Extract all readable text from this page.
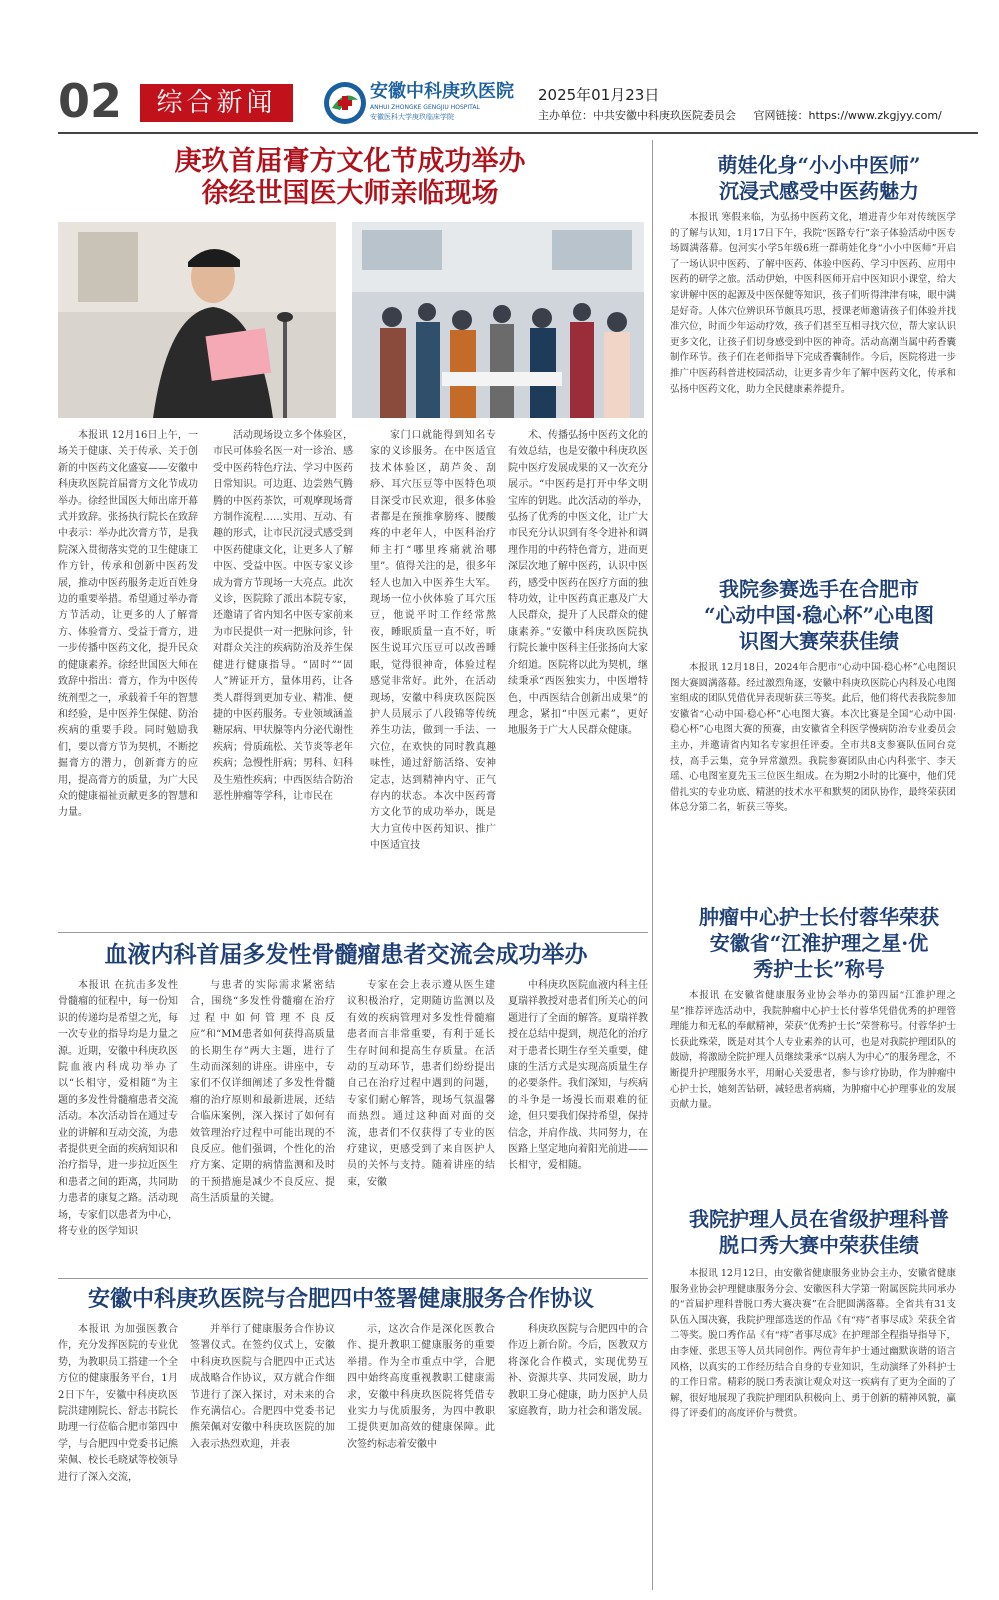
02	综合新闻	安徽中科庚玖医院
ANHUI ZHONGKE GENGJIU HOSPITAL
安徽医科大学庚玖临床学院
2025年01月23日
主办单位：中共安徽中科庚玖医院委员会 官网链接：https://www.zkgjyy.com/
庚玖首届膏方文化节成功举办
徐经世国医大师亲临现场

本报讯 12月16日上午，一场关于健康、关于传承、关于创新的中医药文化盛宴——安徽中科庚玖医院首届膏方文化节成功举办。徐经世国医大师出席开幕式并致辞。张扬执行院长在致辞中表示：举办此次膏方节，是我院深入贯彻落实党的卫生健康工作方针，传承和创新中医药发展，推动中医药服务走近百姓身边的重要举措。希望通过举办膏方节活动，让更多的人了解膏方、体验膏方、受益于膏方，进一步传播中医药文化，提升民众的健康素养。徐经世国医大师在致辞中指出：膏方，作为中医传统剂型之一，承载着千年的智慧和经验，是中医养生保健、防治疾病的重要手段。同时勉励我们，要以膏方节为契机，不断挖掘膏方的潜力，创新膏方的应用，提高膏方的质量，为广大民众的健康福祉贡献更多的智慧和力量。

活动现场设立多个体验区，市民可体验名医一对一诊治、感受中医药特色疗法、学习中医药日常知识。可边逛、边尝熟气腾腾的中医药茶饮，可观摩现场膏方制作流程……实用、互动、有趣的形式，让市民沉浸式感受到中医药健康文化，让更多人了解中医、受益中医。中医专家义诊成为膏方节现场一大亮点。此次义诊，医院除了派出本院专家，还邀请了省内知名中医专家前来为市民提供一对一把脉问诊，针对群众关注的疾病防治及养生保健进行健康指导。“固时”“固人”辨证开方，量体用药，让各类人群得到更加专业、精准、便捷的中医药服务。专业领域涵盖糖尿病、甲状腺等内分泌代谢性疾病；骨质疏松、关节炎等老年疾病；急慢性肝病；男科、妇科及生殖性疾病；中西医结合防治恶性肿瘤等学科，让市民在

家门口就能得到知名专家的义诊服务。在中医适宜技术体验区，葫芦灸、刮痧、耳穴压豆等中医特色项目深受市民欢迎，很多体验者都是在预推拿膀疼、腰酸疼的中老年人，中医科治疗师主打“哪里疼痛就治哪里”。值得关注的是，很多年轻人也加入中医养生大军。现场一位小伙体验了耳穴压豆，他说平时工作经常熬夜，睡眠质量一直不好，听医生说耳穴压豆可以改善睡眠，觉得很神奇，体验过程感觉非常好。此外，在活动现场，安徽中科庚玖医院医护人员展示了八段锦等传统养生功法，做到一手法、一穴位，在欢快的同时教真趣味性，通过舒筋活络、安神定志，达到精神内守、正气存内的状态。本次中医药膏方文化节的成功举办，既是大力宣传中医药知识、推广中医适宜技

术、传播弘扬中医药文化的有效总结，也是安徽中科庚玖医院中医疗发展成果的又一次充分展示。“中医药是打开中华文明宝库的钥匙。此次活动的举办，弘扬了优秀的中医文化，让广大市民充分认识到有冬令进补和调理作用的中药特色膏方，进而更深层次地了解中医药，认识中医药，感受中医药在医疗方面的独特功效，让中医药真正惠及广大人民群众，提升了人民群众的健康素养。”安徽中科庚玖医院执行院长兼中医科主任张扬向大家介绍道。医院将以此为契机，继续秉承“西医独实力，中医增特色，中西医结合创新出成果”的理念，紧扣“中医元素”，更好地服务于广大人民群众健康。

血液内科首届多发性骨髓瘤患者交流会成功举办

本报讯 在抗击多发性骨髓瘤的征程中，每一份知识的传递均是希望之光，每一次专业的指导均是力量之源。近期，安徽中科庚玖医院血液内科成功举办了以“长相守，爱相随”为主题的多发性骨髓瘤患者交流活动。本次活动旨在通过专业的讲解和互动交流，为患者提供更全面的疾病知识和治疗指导，进一步拉近医生和患者之间的距离，共同助力患者的康复之路。活动现场，专家们以患者为中心，将专业的医学知识

与患者的实际需求紧密结合，围绕“多发性骨髓瘤在治疗过程中如何管理不良反应”和“MM患者如何获得高质量的长期生存”两大主题，进行了生动而深刻的讲座。讲座中，专家们不仅详细阐述了多发性骨髓瘤的治疗原则和最新进展，还结合临床案例，深入探讨了如何有效管理治疗过程中可能出现的不良反应。他们强调，个性化的治疗方案、定期的病情监测和及时的干预措施是减少不良反应、提高生活质量的关键。

专家在会上表示遵从医生建议积极治疗，定期随访监测以及有效的疾病管理对多发性骨髓瘤患者而言非常重要，有利于延长生存时间和提高生存质量。在活动的互动环节，患者们纷纷提出自己在治疗过程中遇到的问题，专家们耐心解答，现场气氛温馨而热烈。通过这种面对面的交流，患者们不仅获得了专业的医疗建议，更感受到了来自医护人员的关怀与支持。随着讲座的结束，安徽

中科庚玖医院血液内科主任夏瑞祥教授对患者们所关心的问题进行了全面的解答。夏瑞祥教授在总结中提到，规范化的治疗对于患者长期生存至关重要，健康的生活方式是实现高质量生存的必要条件。我们深知，与疾病的斗争是一场漫长而艰难的征途，但只要我们保持希望，保持信念，并肩作战、共同努力，在医路上坚定地向着阳光前进——长相守，爱相随。

安徽中科庚玖医院与合肥四中签署健康服务合作协议

本报讯 为加强医教合作，充分发挥医院的专业优势，为教职员工搭建一个全方位的健康服务平台，1月2日下午，安徽中科庚玖医院洪建刚院长、舒志书院长助理一行莅临合肥市第四中学，与合肥四中党委书记熊荣佩、校长毛晓斌等校领导进行了深入交流，

并举行了健康服务合作协议签署仪式。在签约仪式上，安徽中科庚玖医院与合肥四中正式达成战略合作协议，双方就合作细节进行了深入探讨，对未来的合作充满信心。合肥四中党委书记熊荣佩对安徽中科庚玖医院的加入表示热烈欢迎，并表

示，这次合作是深化医教合作、提升教职工健康服务的重要举措。作为全市重点中学，合肥四中始终高度重视教职工健康需求，安徽中科庚玖医院将凭借专业实力与优质服务，为四中教职工提供更加高效的健康保障。此次签约标志着安徽中

科庚玖医院与合肥四中的合作迈上新台阶。今后，医教双方将深化合作模式，实现优势互补、资源共享、共同发展，助力教职工身心健康，助力医护人员家庭教育，助力社会和谐发展。

萌娃化身“小小中医师”
沉浸式感受中医药魅力

本报讯 寒假来临，为弘扬中医药文化，增进青少年对传统医学的了解与认知，1月17日下午，我院“医路专行”亲子体验活动中医专场圆满落幕。包河实小学5年级6班一群萌娃化身“小小中医师”开启了一场认识中医药、了解中医药、体验中医药、学习中医药、应用中医药的研学之旅。活动伊始，中医科医师开启中医知识小课堂，给大家讲解中医的起源及中医保健等知识，孩子们听得津津有味，眼中满是好奇。人体穴位辨识环节颇具巧思，授课老师邀请孩子们体验并找准穴位，时而少年运动疗效，孩子们甚至互相寻找穴位，帮大家认识更多文化，让孩子们切身感受到中医的神奇。活动高潮当属中药香囊制作环节。孩子们在老师指导下完成香囊制作。今后，医院将进一步推广中医药科普进校园活动，让更多青少年了解中医药文化，传承和弘扬中医药文化，助力全民健康素养提升。

我院参赛选手在合肥市
“心动中国·稳心杯”心电图
识图大赛荣获佳绩

本报讯 12月18日，2024年合肥市“心动中国·稳心杯”心电图识图大赛圆满落幕。经过激烈角逐，安徽中科庚玖医院心内科及心电图室组成的团队凭借优异表现斩获三等奖。此后，他们将代表我院参加安徽省“心动中国·稳心杯”心电图大赛。本次比赛是全国“心动中国·稳心杯”心电图大赛的预赛，由安徽省全科医学慢病防治专业委员会主办，并邀请省内知名专家担任评委。全市共8支参赛队伍同台竞技，高手云集，竞争异常激烈。我院参赛团队由心内科张宇、李天瑶、心电图室夏先玉三位医生组成。在为期2小时的比赛中，他们凭借扎实的专业功底、精湛的技术水平和默契的团队协作，最终荣获团体总分第二名，斩获三等奖。

肿瘤中心护士长付蓉华荣获
安徽省“江淮护理之星·优
秀护士长”称号

本报讯 在安徽省健康服务业协会举办的第四届“江淮护理之星”推荐评选活动中，我院肿瘤中心护士长付蓉华凭借优秀的护理管理能力和无私的奉献精神，荣获“优秀护士长”荣誉称号。付蓉华护士长获此殊荣，既是对其个人专业素养的认可，也是对我院护理团队的鼓励，将激励全院护理人员继续秉承“以病人为中心”的服务理念，不断提升护理服务水平，用耐心关爱患者，参与诊疗协助，作为肿瘤中心护士长，她刻苦钻研，减轻患者病痛，为肿瘤中心护理事业的发展贡献力量。

我院护理人员在省级护理科普
脱口秀大赛中荣获佳绩

本报讯 12月12日，由安徽省健康服务业协会主办，安徽省健康服务业协会护理健康服务分会、安徽医科大学第一附属医院共同承办的“首届护理科普脱口秀大赛决赛”在合肥圆满落幕。全省共有31支队伍入围决赛，我院护理部选送的作品《有“痔”者事尽成》荣获全省二等奖。脱口秀作品《有“痔”者事尽成》在护理部全程指导指导下，由李娅、张思玉等人员共同创作。两位青年护士通过幽默诙谐的语言风格，以真实的工作经历结合自身的专业知识，生动演绎了外科护士的工作日常。精彩的脱口秀表演让观众对这一疾病有了更为全面的了解，很好地展现了我院护理团队积极向上、勇于创新的精神风貌，赢得了评委们的高度评价与赞赏。
